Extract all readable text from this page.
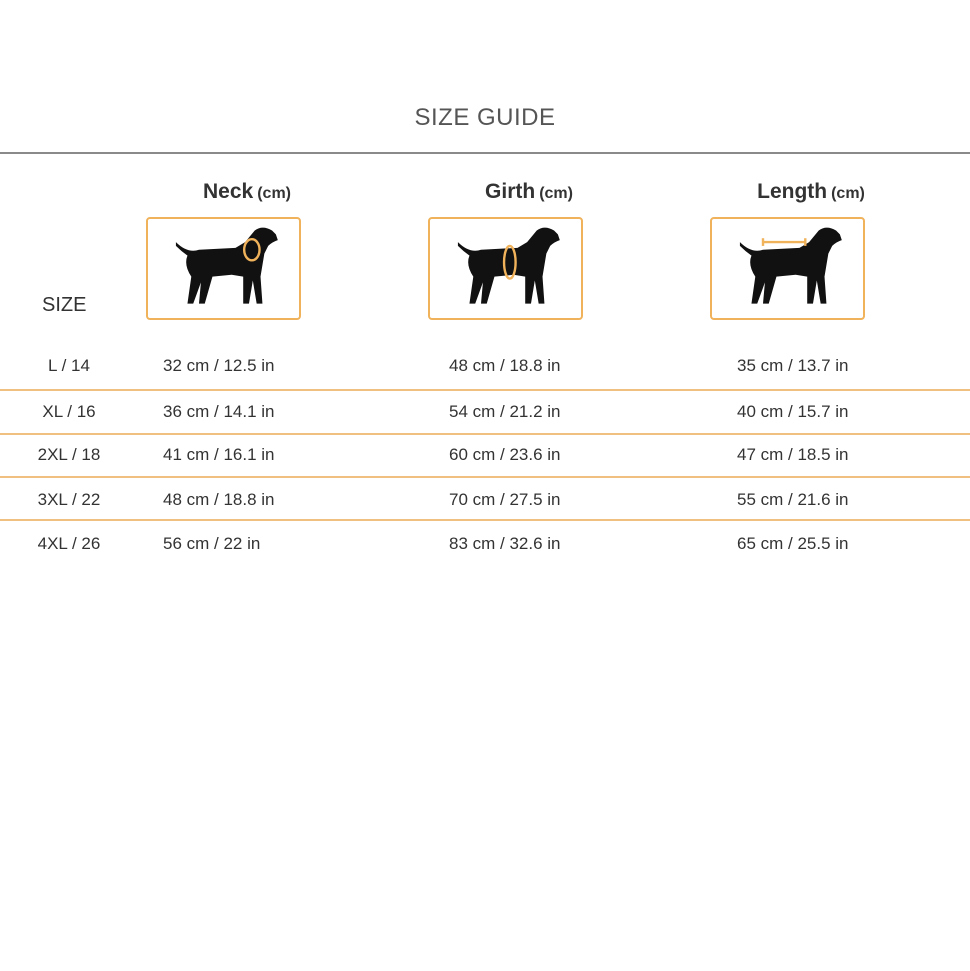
SIZE GUIDE
Neck (cm)	Girth (cm)	Length (cm)
SIZE
L / 14	32 cm / 12.5 in	48 cm / 18.8 in	35 cm / 13.7 in
XL / 16	36 cm / 14.1 in	54 cm / 21.2 in	40 cm / 15.7 in
2XL / 18	41 cm / 16.1 in	60 cm / 23.6 in	47 cm / 18.5 in
3XL / 22	48 cm / 18.8 in	70 cm / 27.5 in	55 cm / 21.6 in
4XL / 26	56 cm / 22 in	83 cm / 32.6 in	65 cm / 25.5 in
